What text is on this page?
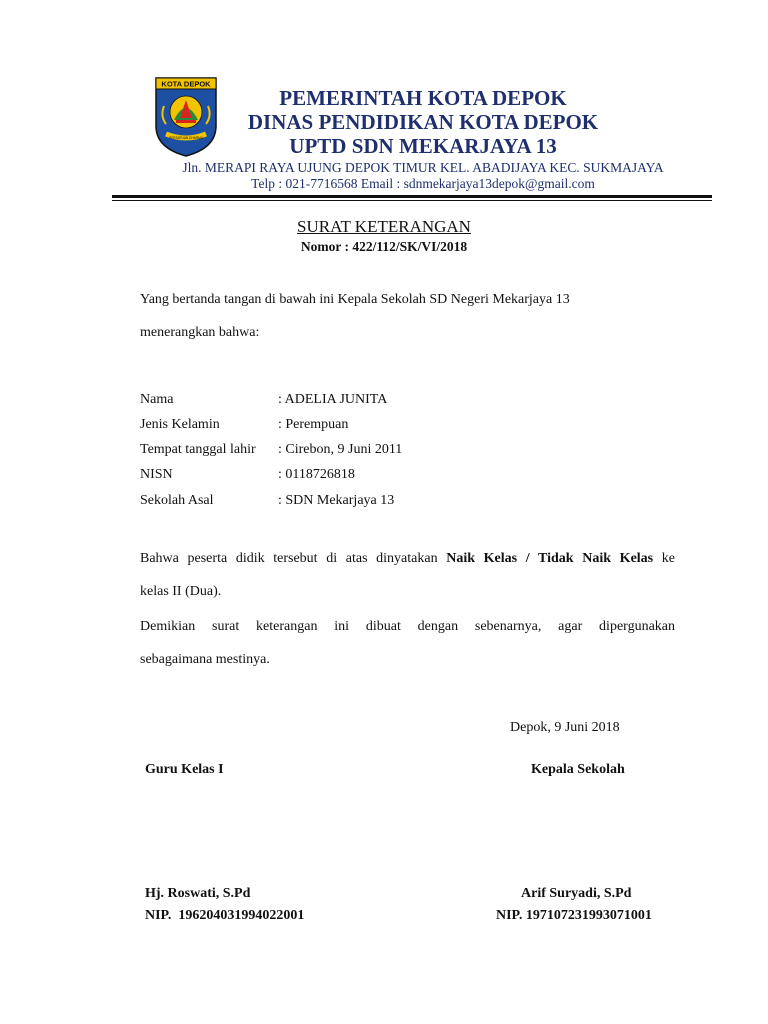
KOTA DEPOK
PERSATUAN DHARMA

PEMERINTAH KOTA DEPOK

DINAS PENDIDIKAN KOTA DEPOK

UPTD SDN MEKARJAYA 13

Jln. MERAPI RAYA UJUNG DEPOK TIMUR KEL. ABADIJAYA KEC. SUKMAJAYA
Telp : 021-7716568 Email : sdnmekarjaya13depok@gmail.com
SURAT KETERANGAN
Nomor : 422/112/SK/VI/2018
Yang bertanda tangan di bawah ini Kepala Sekolah SD Negeri Mekarjaya 13
menerangkan bahwa:
Nama	: ADELIA JUNITA
Jenis Kelamin	: Perempuan
Tempat tanggal lahir : Cirebon, 9 Juni 2011
NISN	: 0118726818
Sekolah Asal	: SDN Mekarjaya 13
Bahwa peserta didik tersebut di atas dinyatakan Naik Kelas / Tidak Naik Kelas ke
kelas II (Dua).
Demikian surat keterangan ini dibuat dengan sebenarnya, agar dipergunakan
sebagaimana mestinya.
Depok, 9 Juni 2018
Guru Kelas I	Kepala Sekolah
Hj. Roswati, S.Pd	Arif Suryadi, S.Pd
NIP.  196204031994022001	NIP. 197107231993071001
